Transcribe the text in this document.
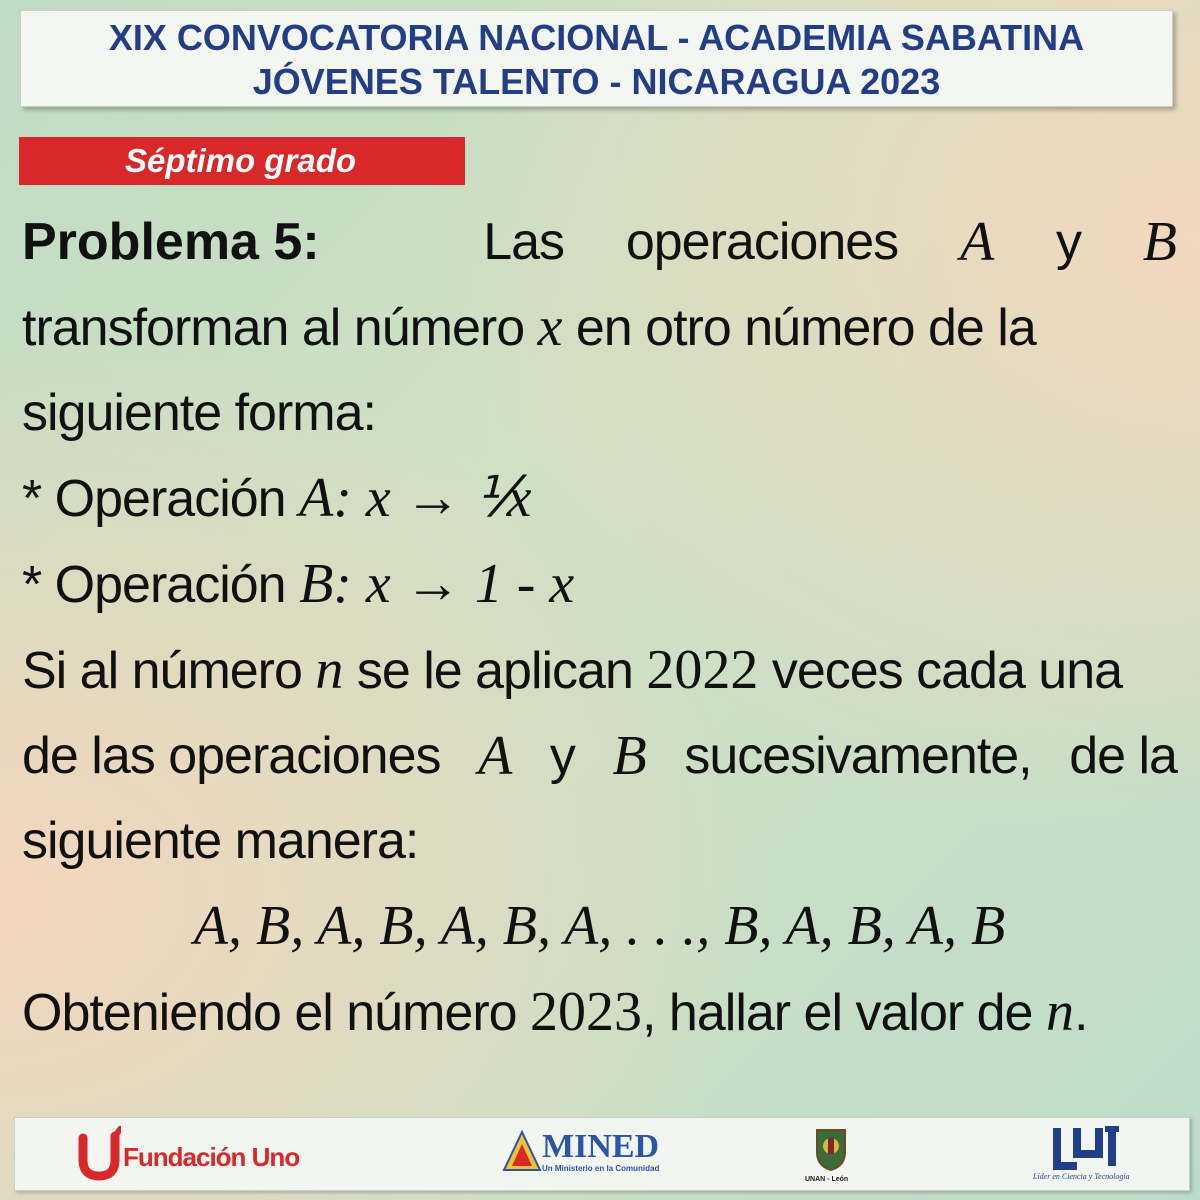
XIX CONVOCATORIA NACIONAL - ACADEMIA SABATINA
JÓVENES TALENTO - NICARAGUA 2023
Séptimo grado
Problema 5:	Las operaciones A y B
transforman al número x en otro número de la
siguiente forma:
* Operación A: x → ⅟x
* Operación B: x → 1 - x
Si al número n se le aplican 2022 veces cada una
de las operaciones A y B sucesivamente, de la
siguiente manera:
A, B, A, B, A, B, A, . . ., B, A, B, A, B
Obteniendo el número 2023, hallar el valor de n.
Fundación Uno	MINED
Un Ministerio en la Comunidad
UNAN - León	Líder en Ciencia y Tecnología
